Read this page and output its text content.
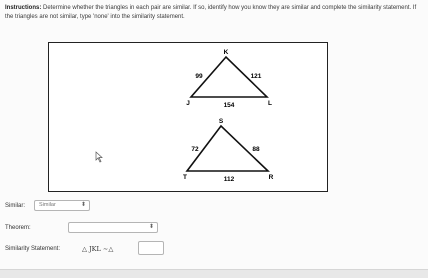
Instructions: Determine whether the triangles in each pair are similar. If so, identify how you know they are similar and complete the similarity statement. If the triangles are not similar, type 'none' into the similarity statement.
K
J	L
99	121
154
S
T	R
72	88
112
Similar:	Similar	⬍
Theorem:	⬍
Similarity Statement:	△ JKL ∼△
